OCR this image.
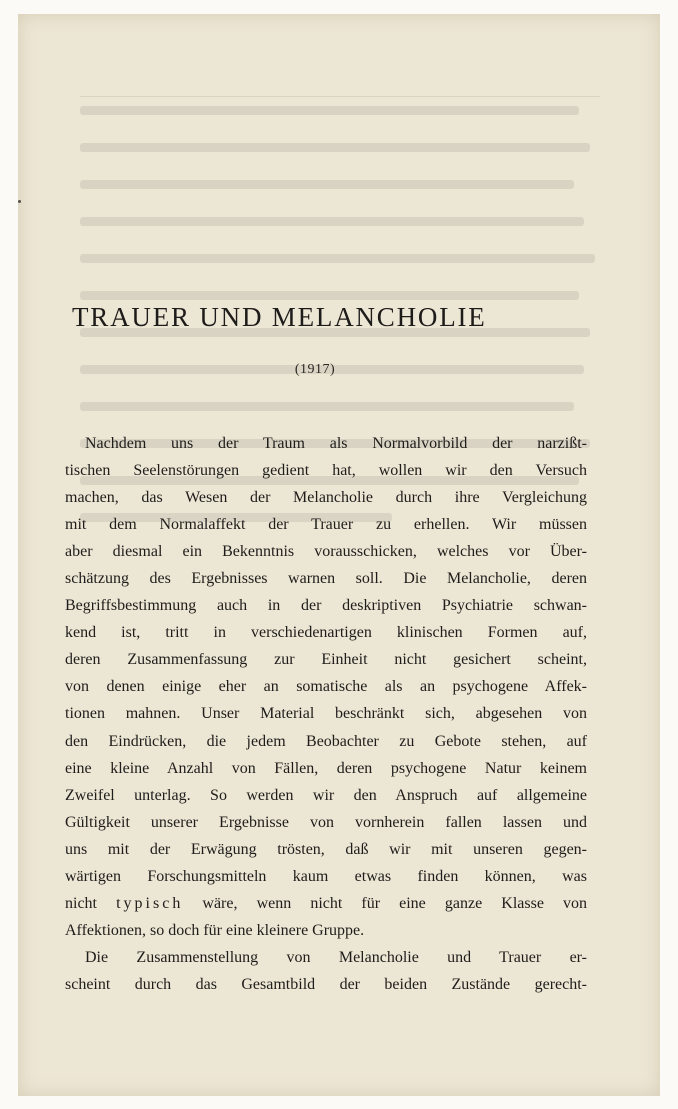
TRAUER UND MELANCHOLIE
(1917)
Nachdem uns der Traum als Normalvorbild der narzißt-
tischen Seelenstörungen gedient hat, wollen wir den Versuch
machen, das Wesen der Melancholie durch ihre Vergleichung
mit dem Normalaffekt der Trauer zu erhellen. Wir müssen
aber diesmal ein Bekenntnis vorausschicken, welches vor Über-
schätzung des Ergebnisses warnen soll. Die Melancholie, deren
Begriffsbestimmung auch in der deskriptiven Psychiatrie schwan-
kend ist, tritt in verschiedenartigen klinischen Formen auf,
deren Zusammenfassung zur Einheit nicht gesichert scheint,
von denen einige eher an somatische als an psychogene Affek-
tionen mahnen. Unser Material beschränkt sich, abgesehen von
den Eindrücken, die jedem Beobachter zu Gebote stehen, auf
eine kleine Anzahl von Fällen, deren psychogene Natur keinem
Zweifel unterlag. So werden wir den Anspruch auf allgemeine
Gültigkeit unserer Ergebnisse von vornherein fallen lassen und
uns mit der Erwägung trösten, daß wir mit unseren gegen-
wärtigen Forschungsmitteln kaum etwas finden können, was
nicht typisch wäre, wenn nicht für eine ganze Klasse von
Affektionen, so doch für eine kleinere Gruppe.
Die Zusammenstellung von Melancholie und Trauer er-
scheint durch das Gesamtbild der beiden Zustände gerecht-
